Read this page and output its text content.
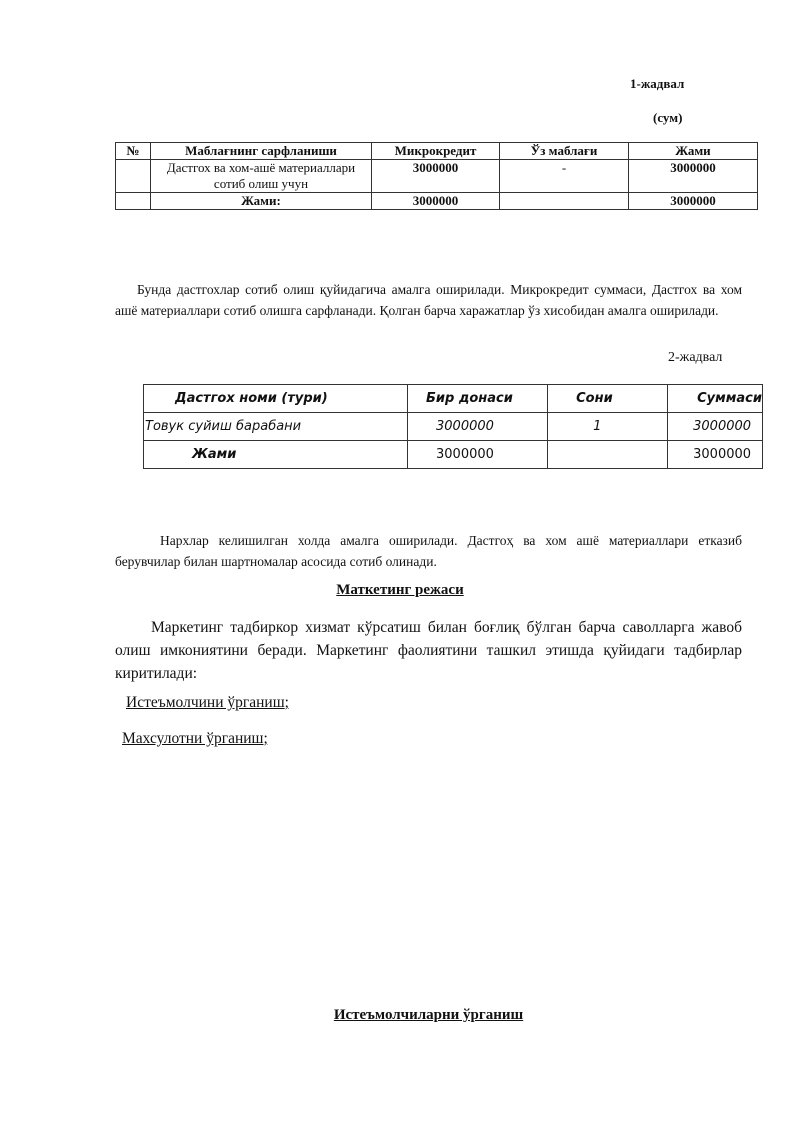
1-жадвал
(сум)
№	Маблағнинг сарфланиши	Микрокредит	Ўз маблағи	Жами
	Дастгох ва хом-ашё материаллари сотиб олиш учун	3000000	-	3000000
	Жами:	3000000		3000000
Бунда дастгохлар сотиб олиш қуйидагича амалга оширилади. Микрокредит суммаси, Дастгох ва хом ашё материаллари сотиб олишга сарфланади. Қолган барча харажатлар ўз хисобидан амалга оширилади.
2-жадвал
Дастгох номи (тури)	Бир донаси	Сони	Суммаси
Товук суйиш барабани	3000000	1	3000000
Жами	3000000		3000000
Нархлар келишилган холда амалга оширилади. Дастгоҳ ва хом ашё материаллари етказиб берувчилар билан шартномалар асосида сотиб олинади.
Маткетинг режаси
Маркетинг тадбиркор хизмат кўрсатиш билан боғлиқ бўлган барча саволларга жавоб олиш имкониятини беради. Маркетинг фаолиятини ташкил этишда қуйидаги тадбирлар киритилади:
Истеъмолчини ўрганиш;
Махсулотни ўрганиш;
Истеъмолчиларни ўрганиш
